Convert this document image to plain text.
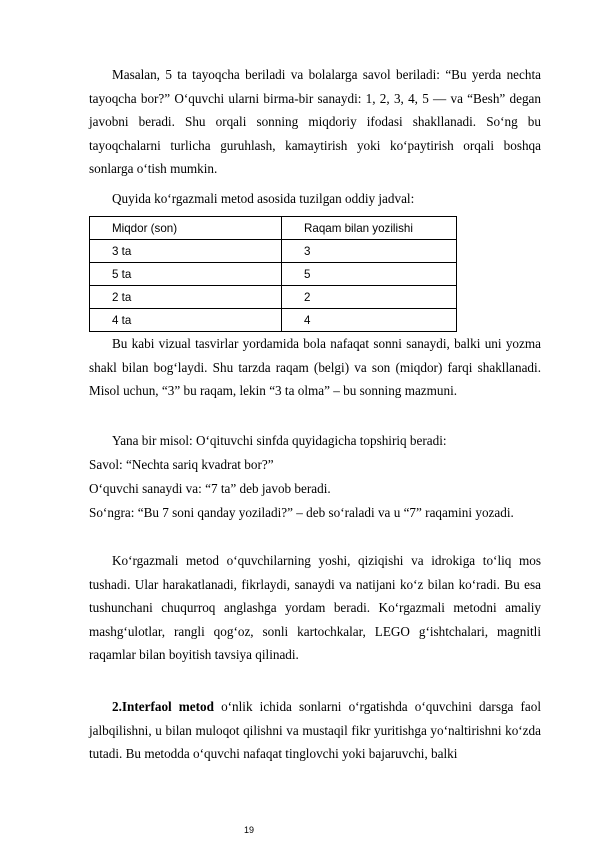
Masalan, 5 ta tayoqcha beriladi va bolalarga savol beriladi: “Bu yerda nechta tayoqcha bor?” O‘quvchi ularni birma-bir sanaydi: 1, 2, 3, 4, 5 — va “Besh” degan javobni beradi. Shu orqali sonning miqdoriy ifodasi shakllanadi. So‘ng bu tayoqchalarni turlicha guruhlash, kamaytirish yoki ko‘paytirish orqali boshqa sonlarga o‘tish mumkin.

Quyida ko‘rgazmali metod asosida tuzilgan oddiy jadval:

Miqdor (son)	Raqam bilan yozilishi
3 ta	3
5 ta	5
2 ta	2
4 ta	4

Bu kabi vizual tasvirlar yordamida bola nafaqat sonni sanaydi, balki uni yozma shakl bilan bog‘laydi. Shu tarzda raqam (belgi) va son (miqdor) farqi shakllanadi. Misol uchun, “3” bu raqam, lekin “3 ta olma” – bu sonning mazmuni.

Yana bir misol: O‘qituvchi sinfda quyidagicha topshiriq beradi:

Savol: “Nechta sariq kvadrat bor?”

O‘quvchi sanaydi va: “7 ta” deb javob beradi.

So‘ngra: “Bu 7 soni qanday yoziladi?” – deb so‘raladi va u “7” raqamini yozadi.

Ko‘rgazmali metod o‘quvchilarning yoshi, qiziqishi va idrokiga to‘liq mos tushadi. Ular harakatlanadi, fikrlaydi, sanaydi va natijani ko‘z bilan ko‘radi. Bu esa tushunchani chuqurroq anglashga yordam beradi. Ko‘rgazmali metodni amaliy mashg‘ulotlar, rangli qog‘oz, sonli kartochkalar, LEGO g‘ishtchalari, magnitli raqamlar bilan boyitish tavsiya qilinadi.

2.Interfaol metod o‘nlik ichida sonlarni o‘rgatishda o‘quvchini darsga faol jalbqilishni, u bilan muloqot qilishni va mustaqil fikr yuritishga yo‘naltirishni ko‘zda tutadi. Bu metodda o‘quvchi nafaqat tinglovchi yoki bajaruvchi, balki

19
